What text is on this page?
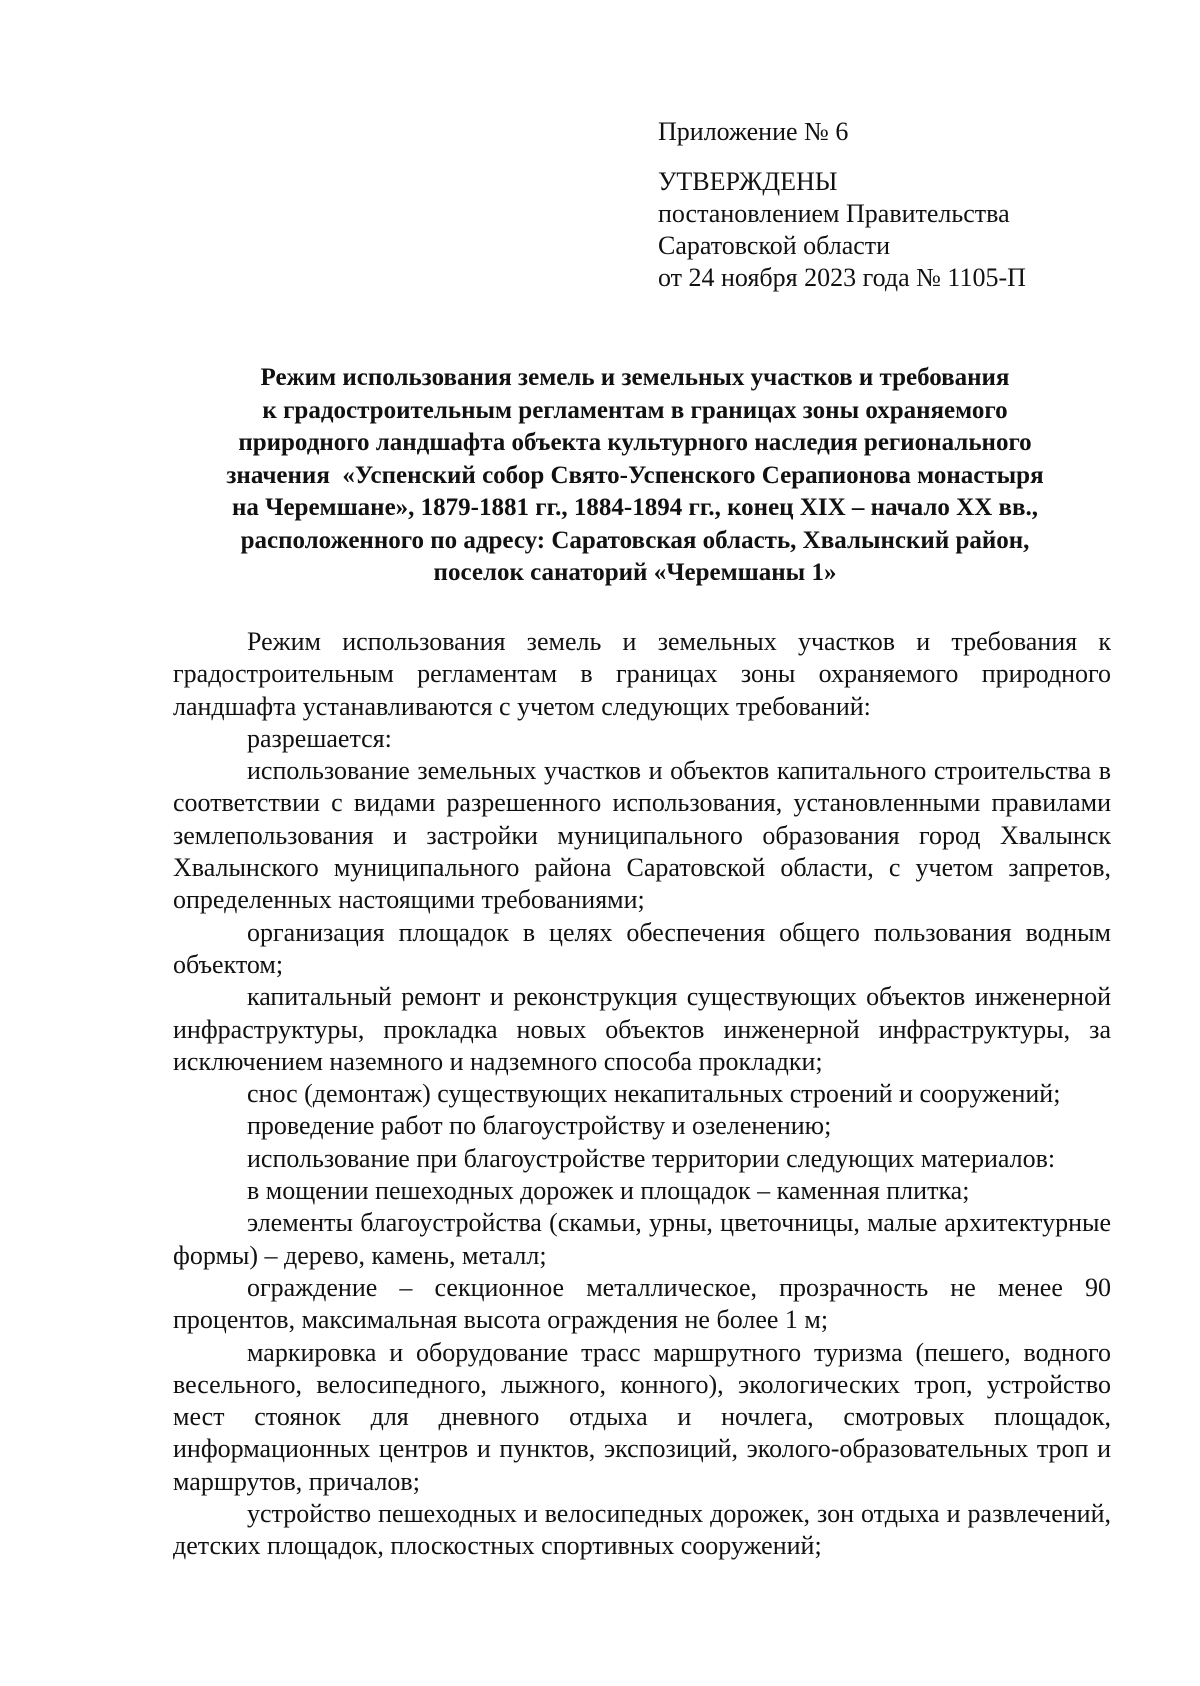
Приложение № 6
УТВЕРЖДЕНЫ
постановлением Правительства
Саратовской области
от 24 ноября 2023 года № 1105-П
Режим использования земель и земельных участков и требования
к градостроительным регламентам в границах зоны охраняемого
природного ландшафта объекта культурного наследия регионального
значения  «Успенский собор Свято-Успенского Серапионова монастыря
на Черемшане», 1879-1881 гг., 1884-1894 гг., конец XIX – начало XX вв.,
расположенного по адресу: Саратовская область, Хвалынский район,
поселок санаторий «Черемшаны 1»

Режим использования земель и земельных участков и требования к градостроительным регламентам в границах зоны охраняемого природного ландшафта устанавливаются с учетом следующих требований:

разрешается:

использование земельных участков и объектов капитального строительства в соответствии с видами разрешенного использования, установленными правилами землепользования и застройки муниципального образования город Хвалынск Хвалынского муниципального района Саратовской области, с учетом запретов, определенных настоящими требованиями;

организация площадок в целях обеспечения общего пользования водным объектом;

капитальный ремонт и реконструкция существующих объектов инженерной инфраструктуры, прокладка новых объектов инженерной инфраструктуры, за исключением наземного и надземного способа прокладки;

снос (демонтаж) существующих некапитальных строений и сооружений;

проведение работ по благоустройству и озеленению;

использование при благоустройстве территории следующих материалов:

в мощении пешеходных дорожек и площадок – каменная плитка;

элементы благоустройства (скамьи, урны, цветочницы, малые архитектурные формы) – дерево, камень, металл;

ограждение – секционное металлическое, прозрачность не менее 90 процентов, максимальная высота ограждения не более 1 м;

маркировка и оборудование трасс маршрутного туризма (пешего, водного весельного, велосипедного, лыжного, конного), экологических троп, устройство мест стоянок для дневного отдыха и ночлега, смотровых площадок, информационных центров и пунктов, экспозиций, эколого-образовательных троп и маршрутов, причалов;

устройство пешеходных и велосипедных дорожек, зон отдыха и развлечений, детских площадок, плоскостных спортивных сооружений;
